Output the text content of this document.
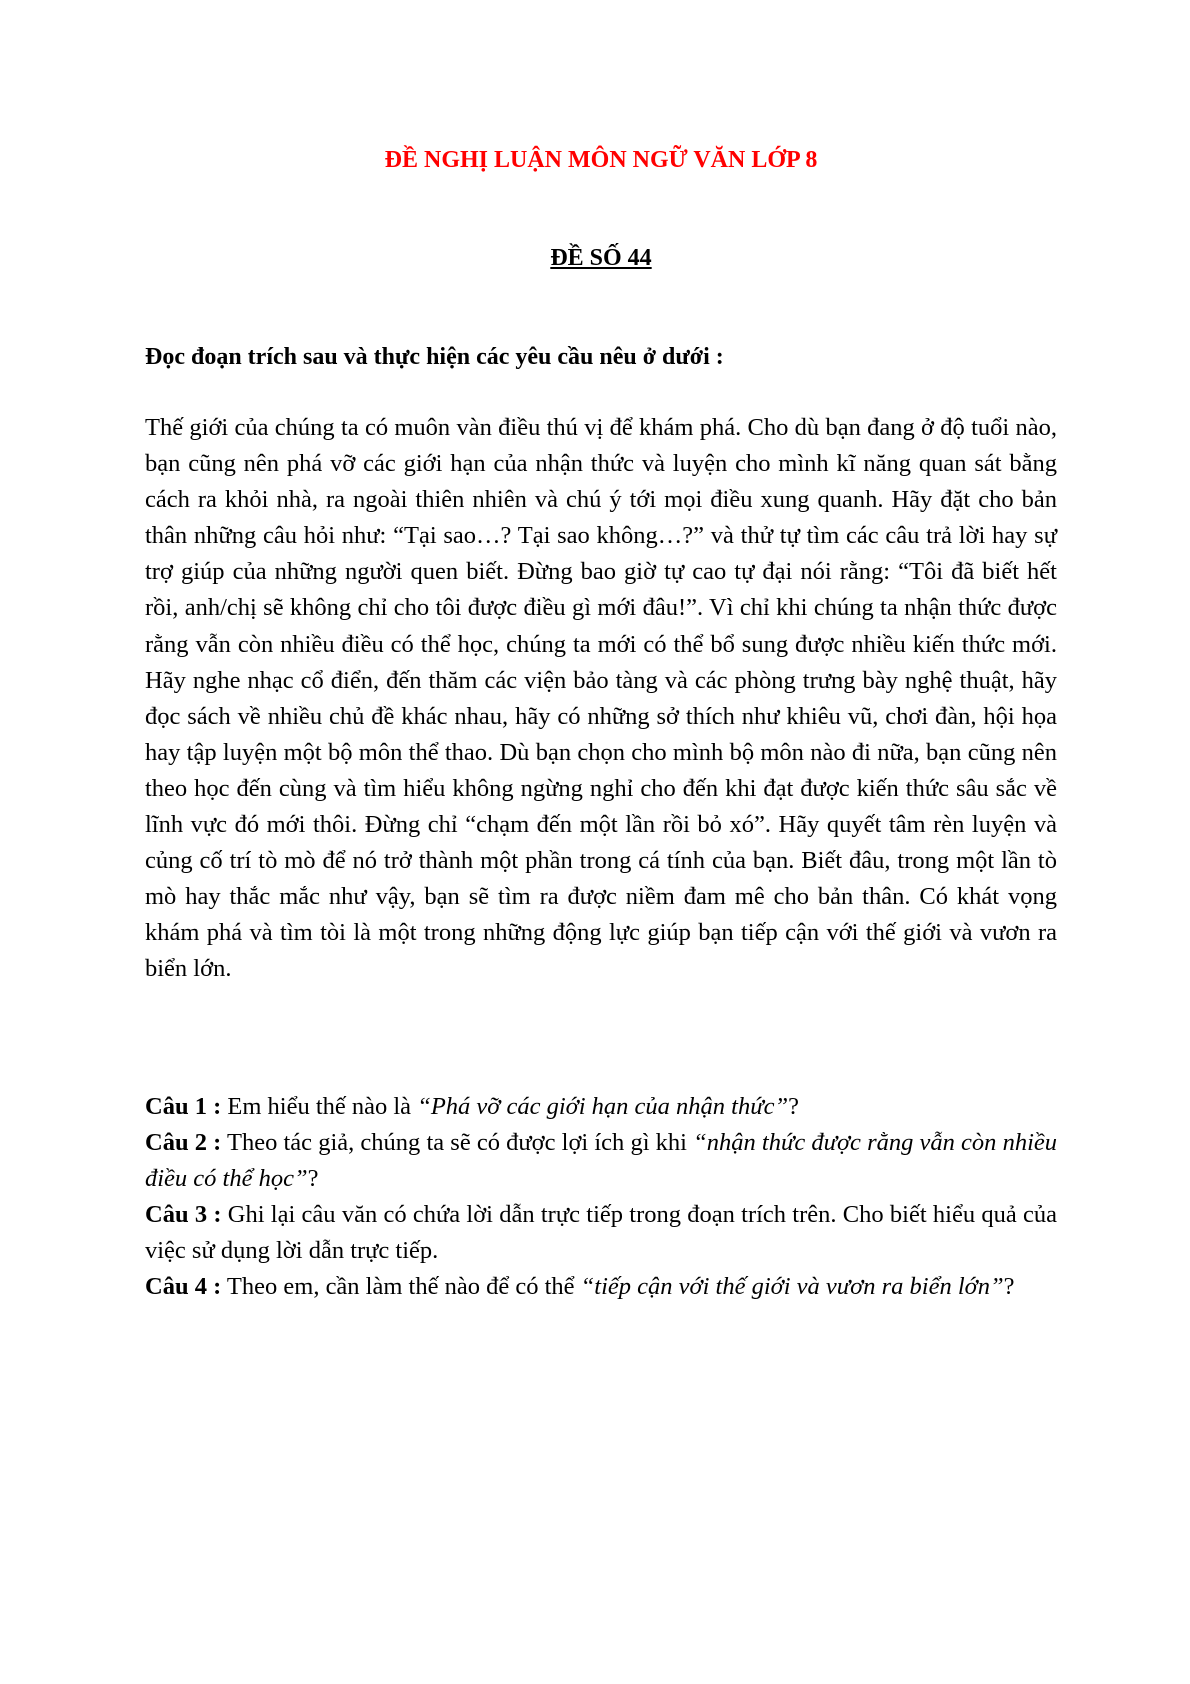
ĐỀ NGHỊ LUẬN MÔN NGỮ VĂN LỚP 8
ĐỀ SỐ 44

Đọc đoạn trích sau và thực hiện các yêu cầu nêu ở dưới :

Thế giới của chúng ta có muôn vàn điều thú vị để khám phá. Cho dù bạn đang ở độ tuổi nào, bạn cũng nên phá vỡ các giới hạn của nhận thức và luyện cho mình kĩ năng quan sát bằng cách ra khỏi nhà, ra ngoài thiên nhiên và chú ý tới mọi điều xung quanh. Hãy đặt cho bản thân những câu hỏi như: “Tại sao…? Tại sao không…?” và thử tự tìm các câu trả lời hay sự trợ giúp của những người quen biết. Đừng bao giờ tự cao tự đại nói rằng: “Tôi đã biết hết rồi, anh/chị sẽ không chỉ cho tôi được điều gì mới đâu!”. Vì chỉ khi chúng ta nhận thức được rằng vẫn còn nhiều điều có thể học, chúng ta mới có thể bổ sung được nhiều kiến thức mới. Hãy nghe nhạc cổ điển, đến thăm các viện bảo tàng và các phòng trưng bày nghệ thuật, hãy đọc sách về nhiều chủ đề khác nhau, hãy có những sở thích như khiêu vũ, chơi đàn, hội họa hay tập luyện một bộ môn thể thao. Dù bạn chọn cho mình bộ môn nào đi nữa, bạn cũng nên theo học đến cùng và tìm hiểu không ngừng nghỉ cho đến khi đạt được kiến thức sâu sắc về lĩnh vực đó mới thôi. Đừng chỉ “chạm đến một lần rồi bỏ xó”. Hãy quyết tâm rèn luyện và củng cố trí tò mò để nó trở thành một phần trong cá tính của bạn. Biết đâu, trong một lần tò mò hay thắc mắc như vậy, bạn sẽ tìm ra được niềm đam mê cho bản thân. Có khát vọng khám phá và tìm tòi là một trong những động lực giúp bạn tiếp cận với thế giới và vươn ra biển lớn.

Câu 1 : Em hiểu thế nào là “Phá vỡ các giới hạn của nhận thức”?

Câu 2 : Theo tác giả, chúng ta sẽ có được lợi ích gì khi “nhận thức được rằng vẫn còn nhiều điều có thể học”?

Câu 3 : Ghi lại câu văn có chứa lời dẫn trực tiếp trong đoạn trích trên. Cho biết hiểu quả của việc sử dụng lời dẫn trực tiếp.

Câu 4 : Theo em, cần làm thế nào để có thể “tiếp cận với thế giới và vươn ra biển lớn”?
